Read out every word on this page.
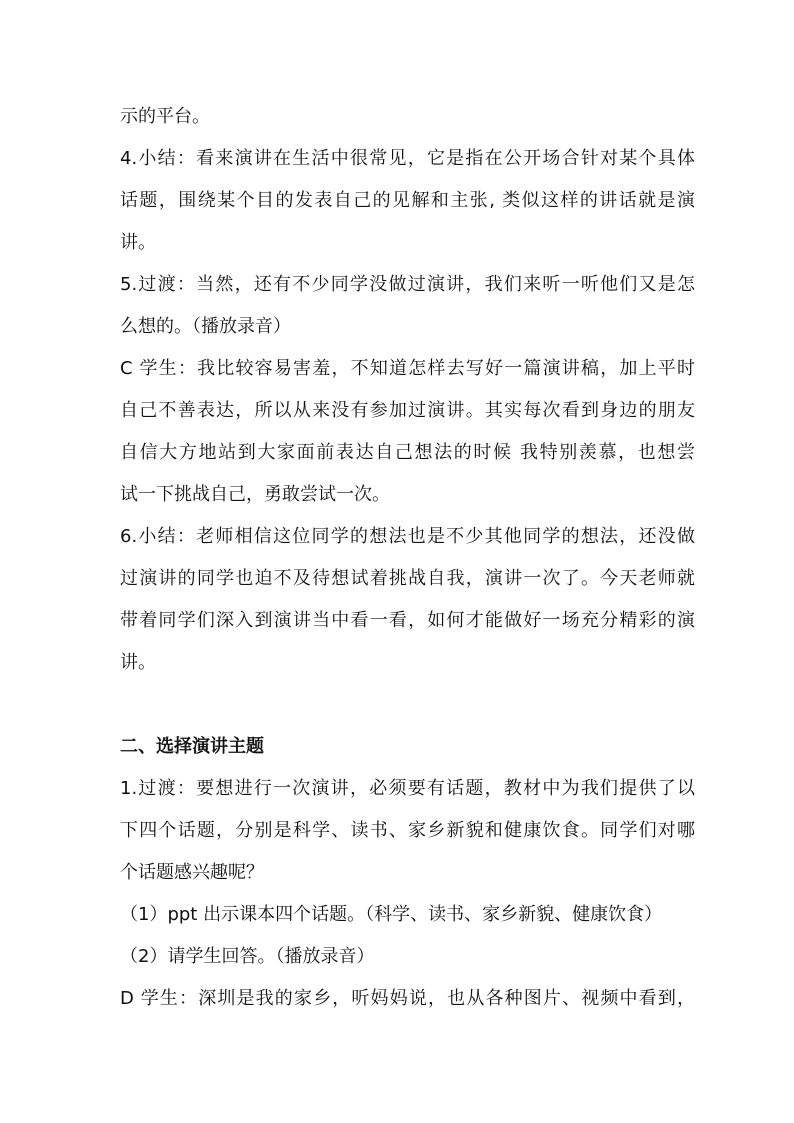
示的平台。
4.小结：看来演讲在生活中很常见，它是指在公开场合针对某个具体
话题，围绕某个目的发表自己的见解和主张, 类似这样的讲话就是演
讲。
5.过渡：当然，还有不少同学没做过演讲，我们来听一听他们又是怎
么想的。（播放录音）
C 学生：我比较容易害羞，不知道怎样去写好一篇演讲稿，加上平时
自己不善表达，所以从来没有参加过演讲。其实每次看到身边的朋友
自信大方地站到大家面前表达自己想法的时候 我特别羡慕，也想尝
试一下挑战自己，勇敢尝试一次。
6.小结：老师相信这位同学的想法也是不少其他同学的想法，还没做
过演讲的同学也迫不及待想试着挑战自我，演讲一次了。今天老师就
带着同学们深入到演讲当中看一看，如何才能做好一场充分精彩的演
讲。
二、选择演讲主题
1.过渡：要想进行一次演讲，必须要有话题，教材中为我们提供了以
下四个话题，分别是科学、读书、家乡新貌和健康饮食。同学们对哪
个话题感兴趣呢？
（1）ppt 出示课本四个话题。（科学、读书、家乡新貌、健康饮食）
（2）请学生回答。（播放录音）
D 学生：深圳是我的家乡，听妈妈说，也从各种图片、视频中看到，
